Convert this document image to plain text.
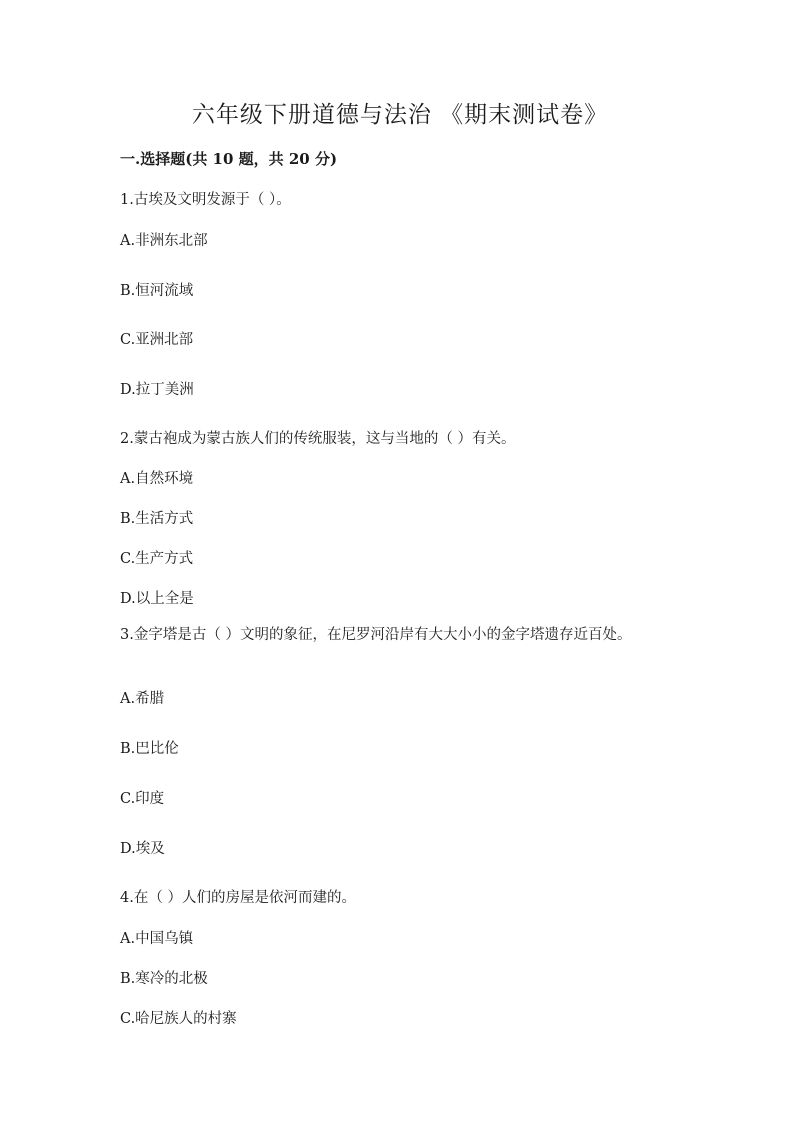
六年级下册道德与法治 《期末测试卷》
一.选择题(共 10 题，共 20 分)
1.古埃及文明发源于（ ）。
A.非洲东北部
B.恒河流域
C.亚洲北部
D.拉丁美洲
2.蒙古袍成为蒙古族人们的传统服装，这与当地的（ ）有关。
A.自然环境
B.生活方式
C.生产方式
D.以上全是
3.金字塔是古（ ）文明的象征，在尼罗河沿岸有大大小小的金字塔遗存近百处。
A.希腊
B.巴比伦
C.印度
D.埃及
4.在（ ）人们的房屋是依河而建的。
A.中国乌镇
B.寒冷的北极
C.哈尼族人的村寨
